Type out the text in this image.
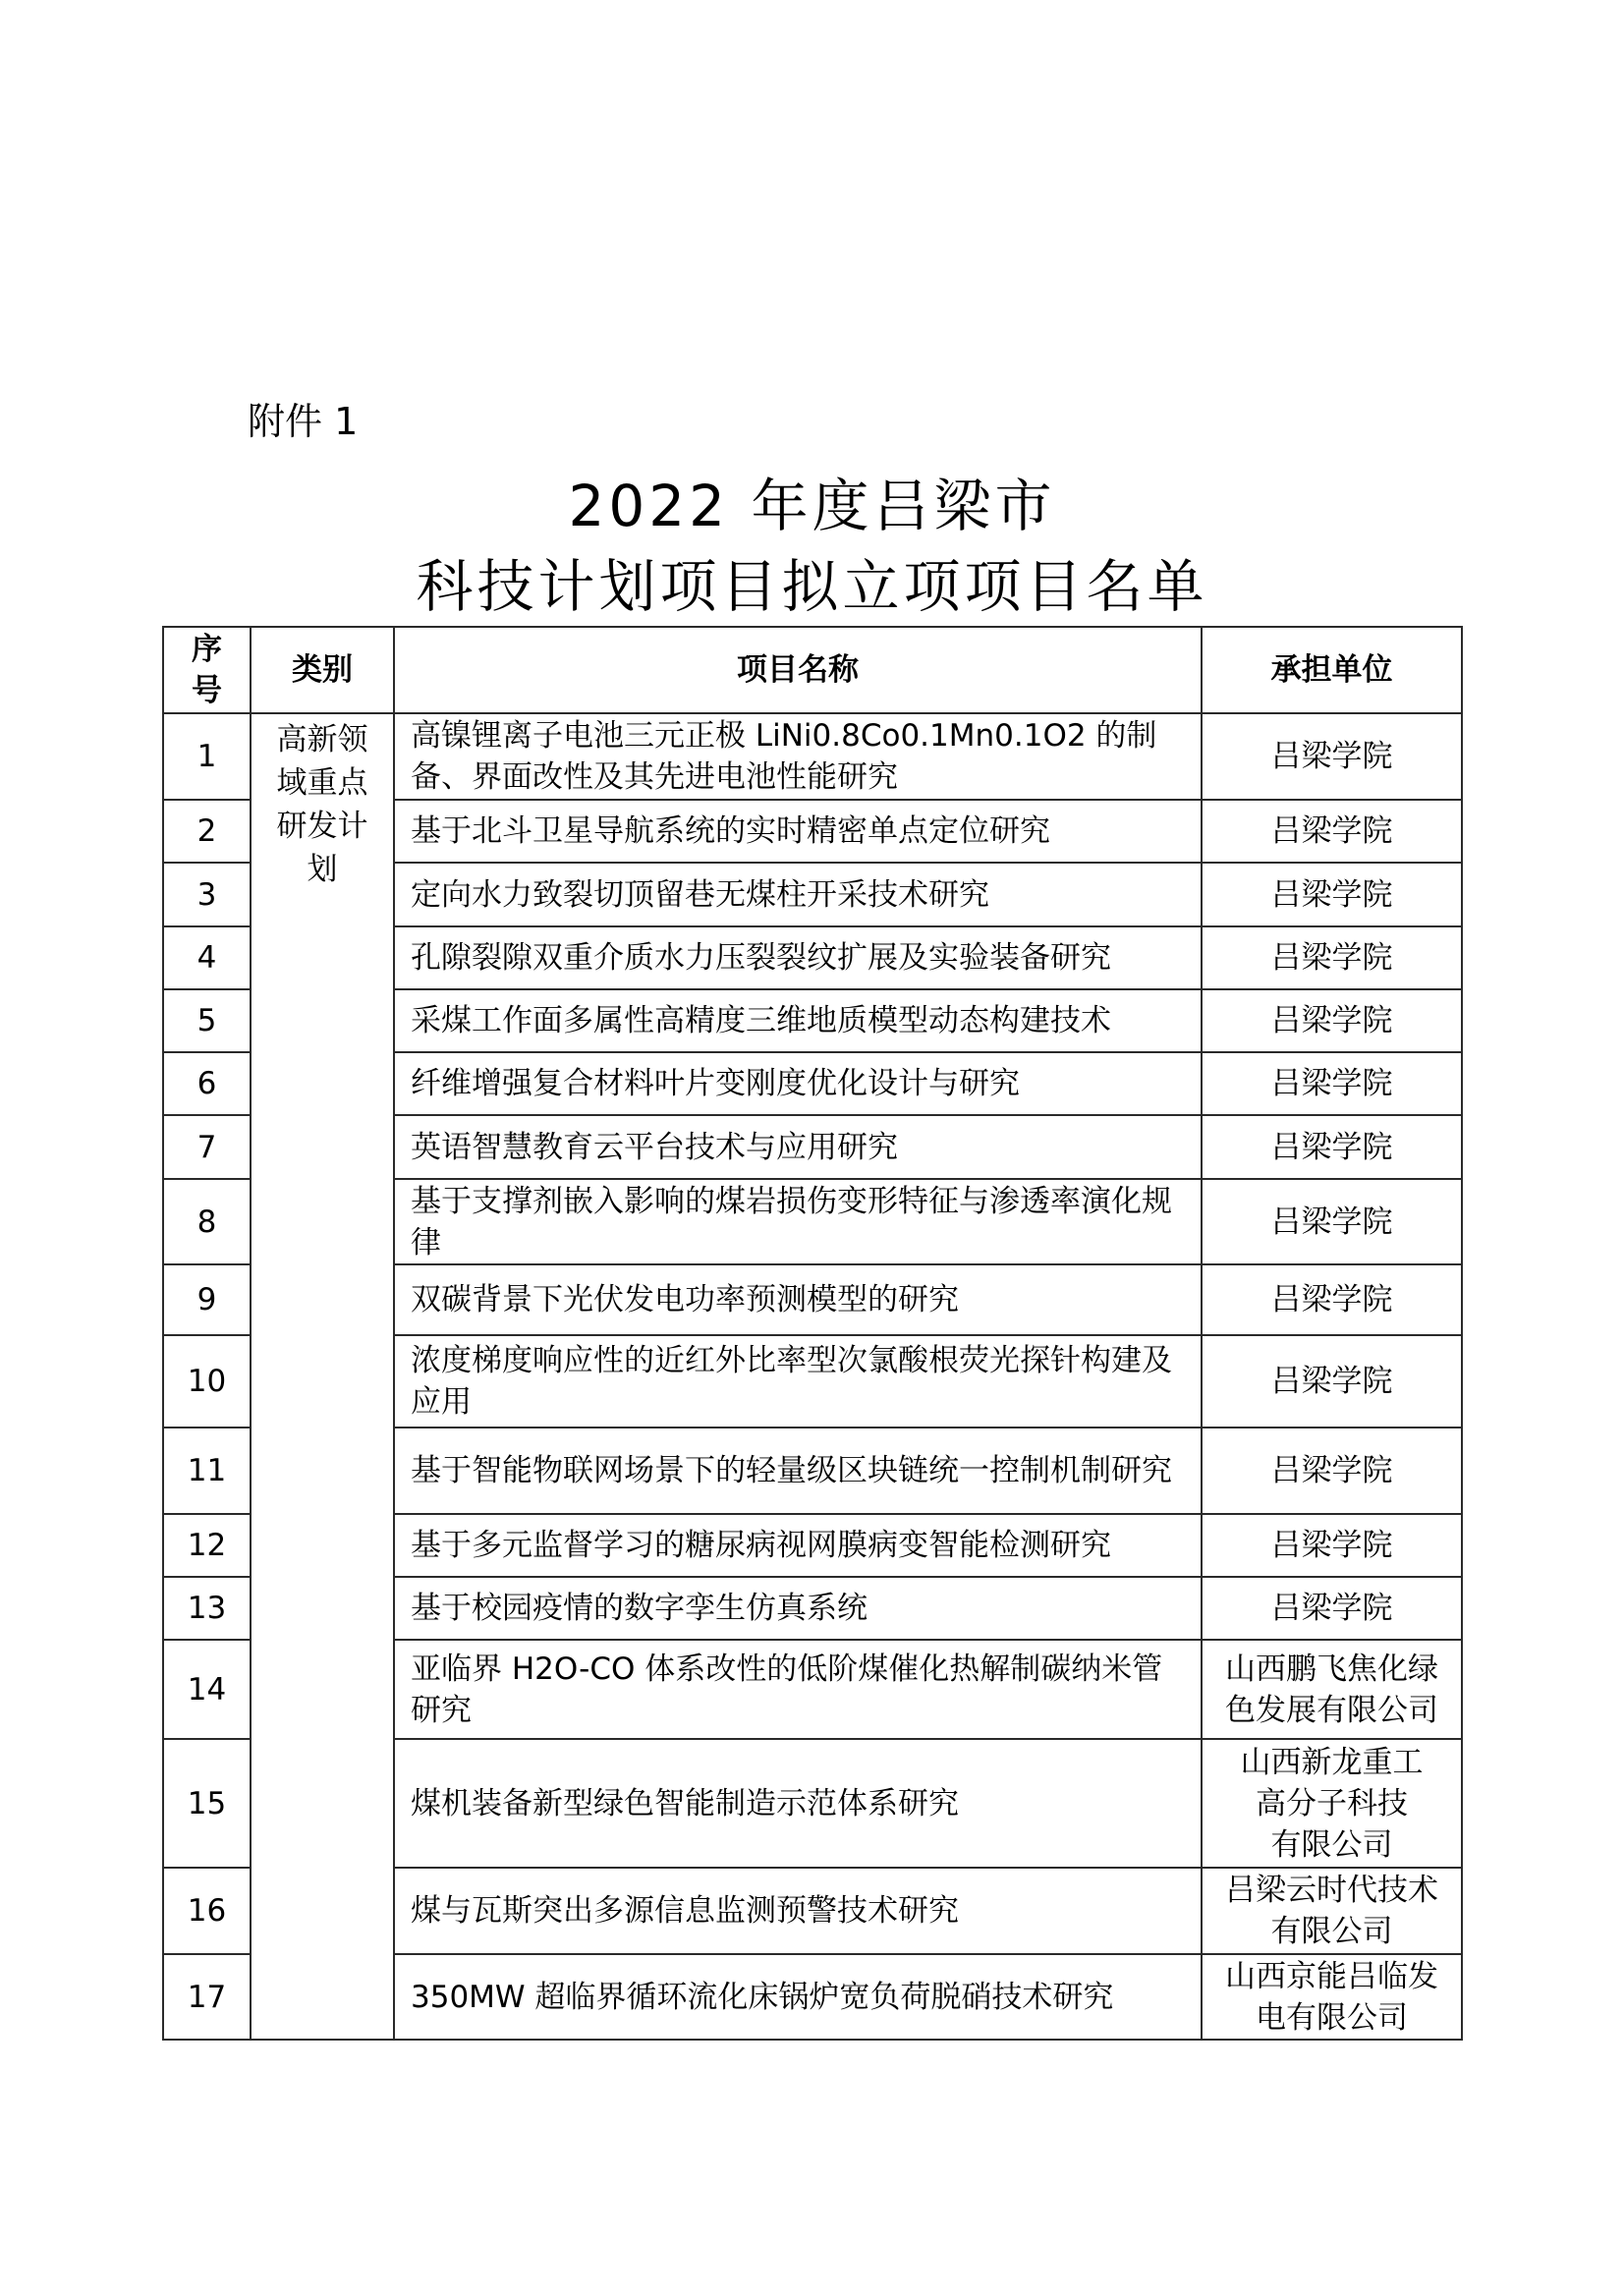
附件 1
2022 年度吕梁市
科技计划项目拟立项项目名单
序
号	类别	项目名称	承担单位
1	高新领域重点研发计划	高镍锂离子电池三元正极 LiNi0.8Co0.1Mn0.1O2 的制备、界面改性及其先进电池性能研究	吕梁学院

2		基于北斗卫星导航系统的实时精密单点定位研究	吕梁学院

3		定向水力致裂切顶留巷无煤柱开采技术研究	吕梁学院

4		孔隙裂隙双重介质水力压裂裂纹扩展及实验装备研究	吕梁学院

5		采煤工作面多属性高精度三维地质模型动态构建技术	吕梁学院

6		纤维增强复合材料叶片变刚度优化设计与研究	吕梁学院

7		英语智慧教育云平台技术与应用研究	吕梁学院

8		基于支撑剂嵌入影响的煤岩损伤变形特征与渗透率演化规律	吕梁学院

9		双碳背景下光伏发电功率预测模型的研究	吕梁学院

10		浓度梯度响应性的近红外比率型次氯酸根荧光探针构建及应用	吕梁学院

11		基于智能物联网场景下的轻量级区块链统一控制机制研究	吕梁学院

12		基于多元监督学习的糖尿病视网膜病变智能检测研究	吕梁学院

13		基于校园疫情的数字孪生仿真系统	吕梁学院

14		亚临界 H2O-CO 体系改性的低阶煤催化热解制碳纳米管研究	山西鹏飞焦化绿
色发展有限公司

15		煤机装备新型绿色智能制造示范体系研究	山西新龙重工
高分子科技
有限公司

16		煤与瓦斯突出多源信息监测预警技术研究	吕梁云时代技术
有限公司

17		350MW 超临界循环流化床锅炉宽负荷脱硝技术研究	山西京能吕临发
电有限公司
